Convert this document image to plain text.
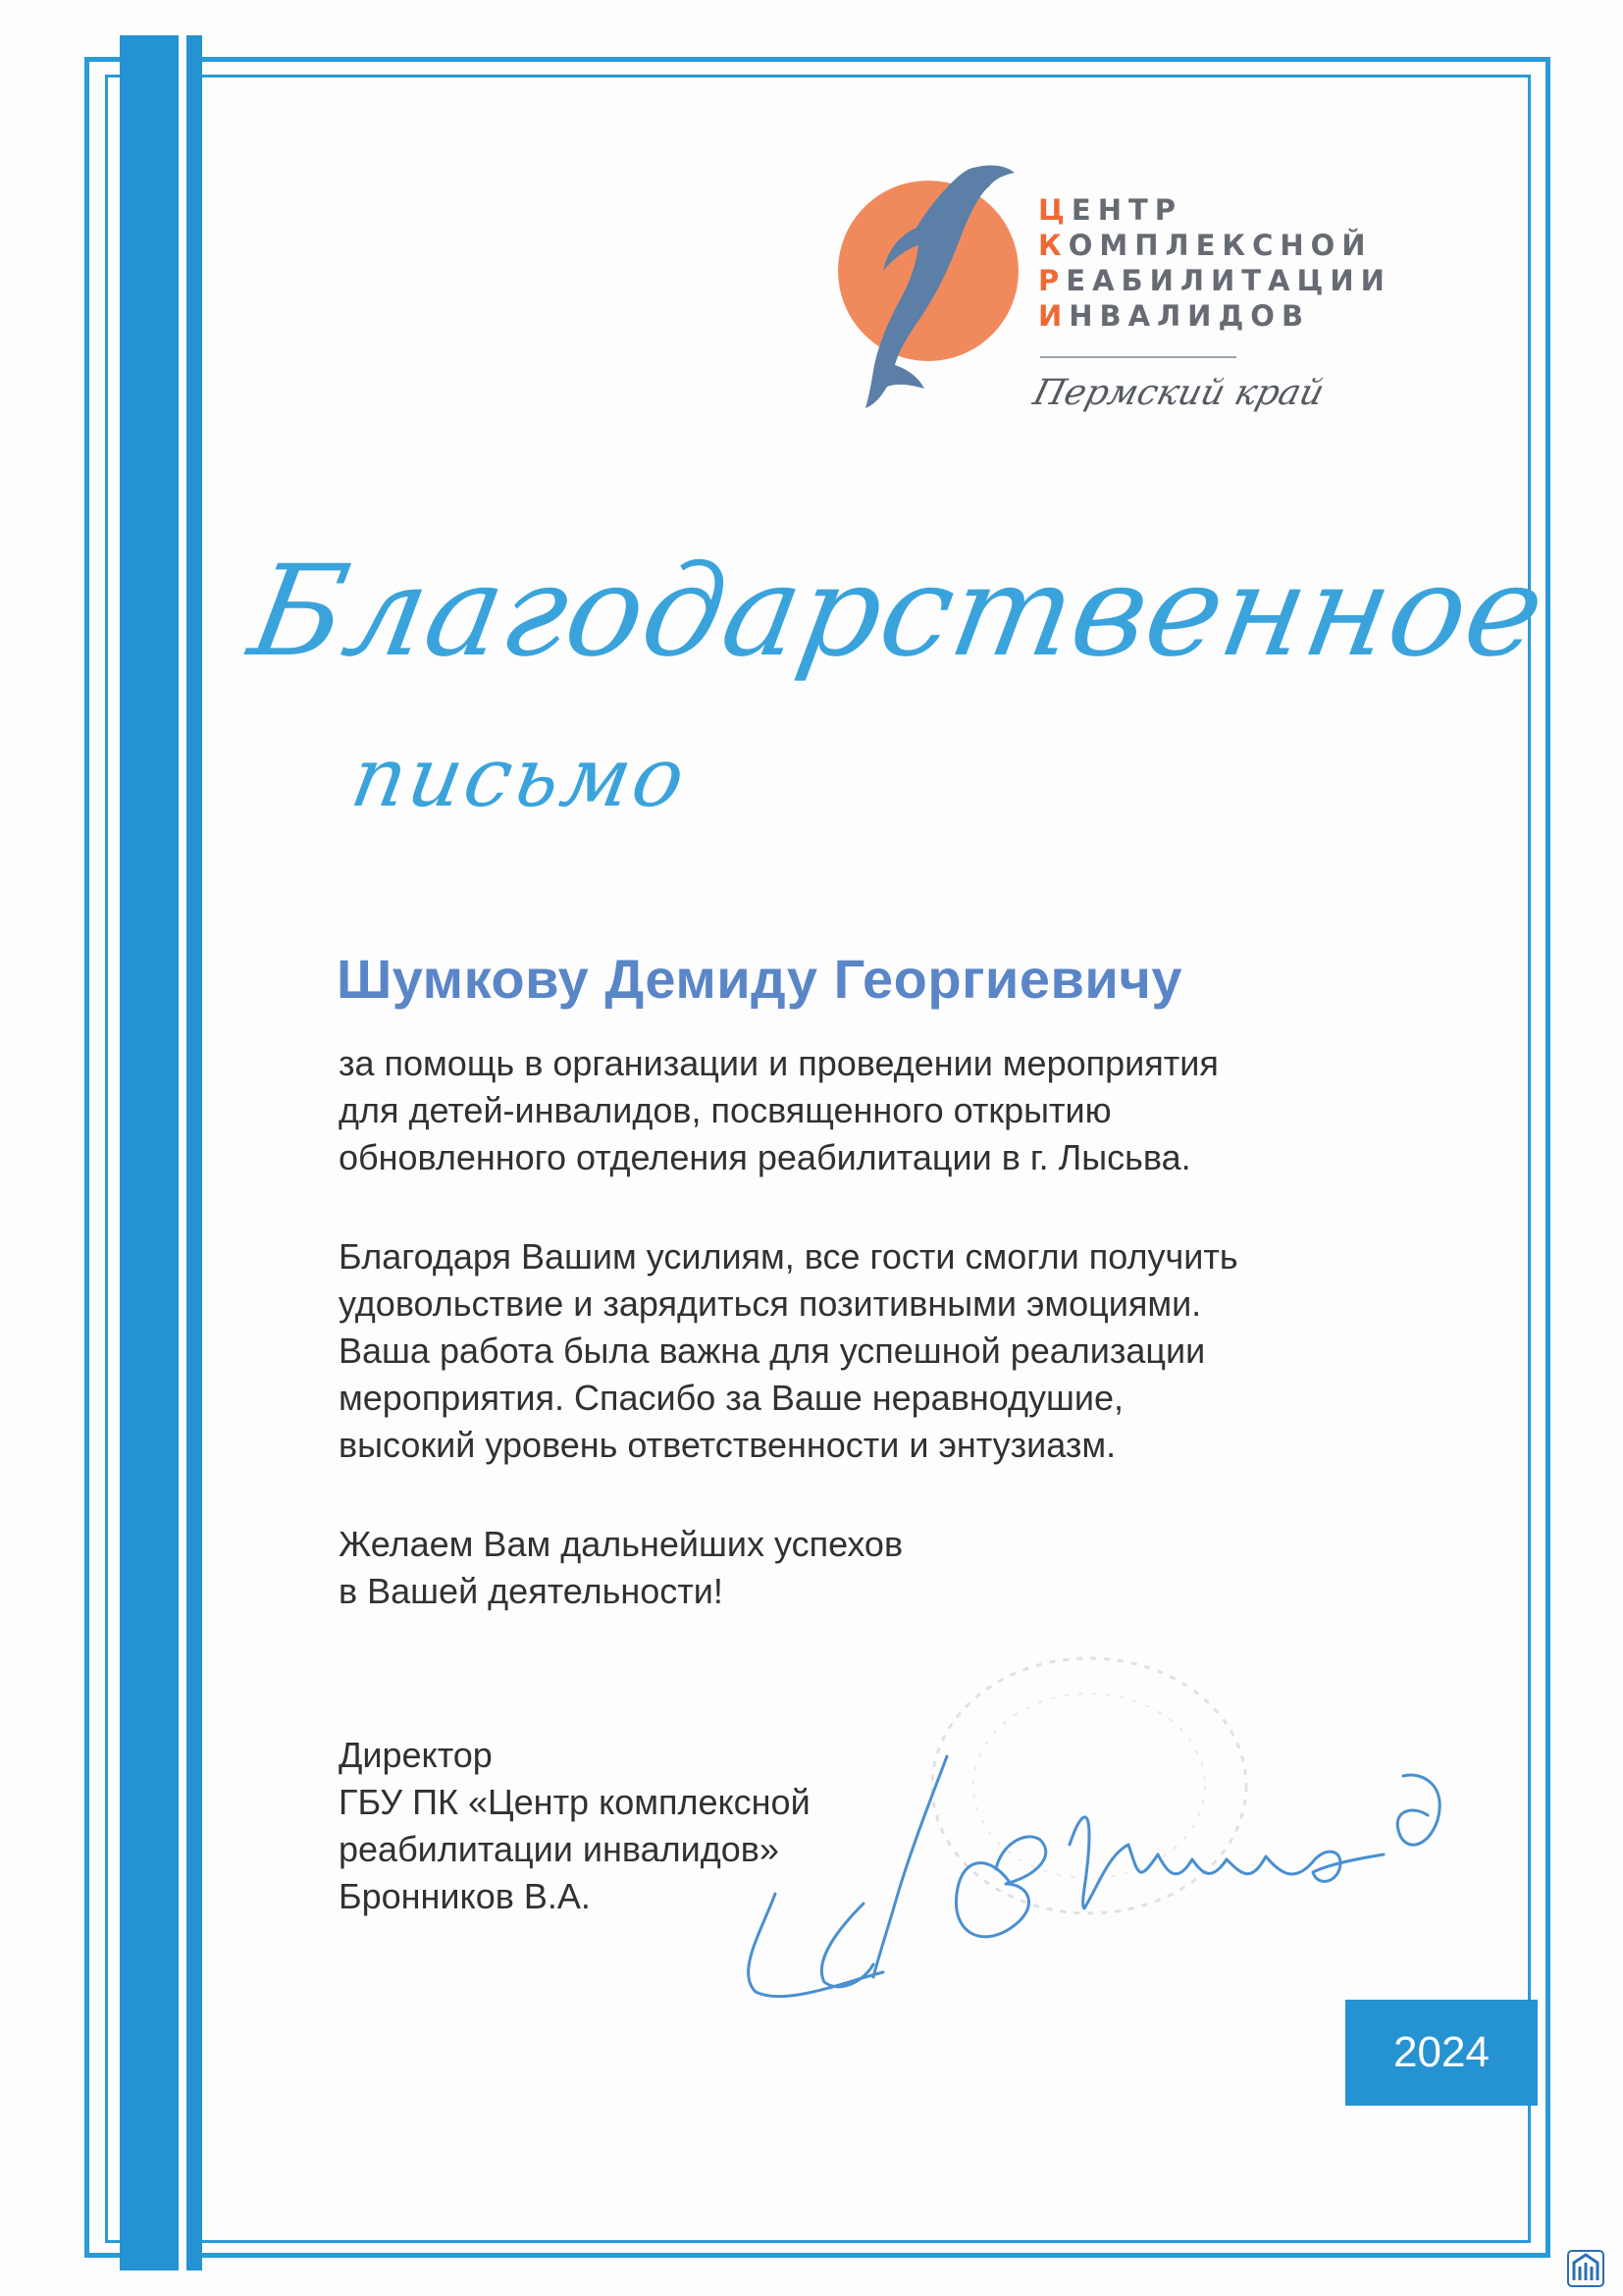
ЦЕНТР
КОМПЛЕКСНОЙ
РЕАБИЛИТАЦИИ
ИНВАЛИДОВ
Пермский край
Благодарственное
письмо
Шумкову Демиду Георгиевичу
за помощь в организации и проведении мероприятия
для детей-инвалидов, посвященного открытию
обновленного отделения реабилитации в г. Лысьва.
Благодаря Вашим усилиям, все гости смогли получить
удовольствие и зарядиться позитивными эмоциями.
Ваша работа была важна для успешной реализации
мероприятия. Спасибо за Ваше неравнодушие,
высокий уровень ответственности и энтузиазм.
Желаем Вам дальнейших успехов
в Вашей деятельности!
Директор
ГБУ ПК «Центр комплексной
реабилитации инвалидов»
Бронников В.А.
2024
